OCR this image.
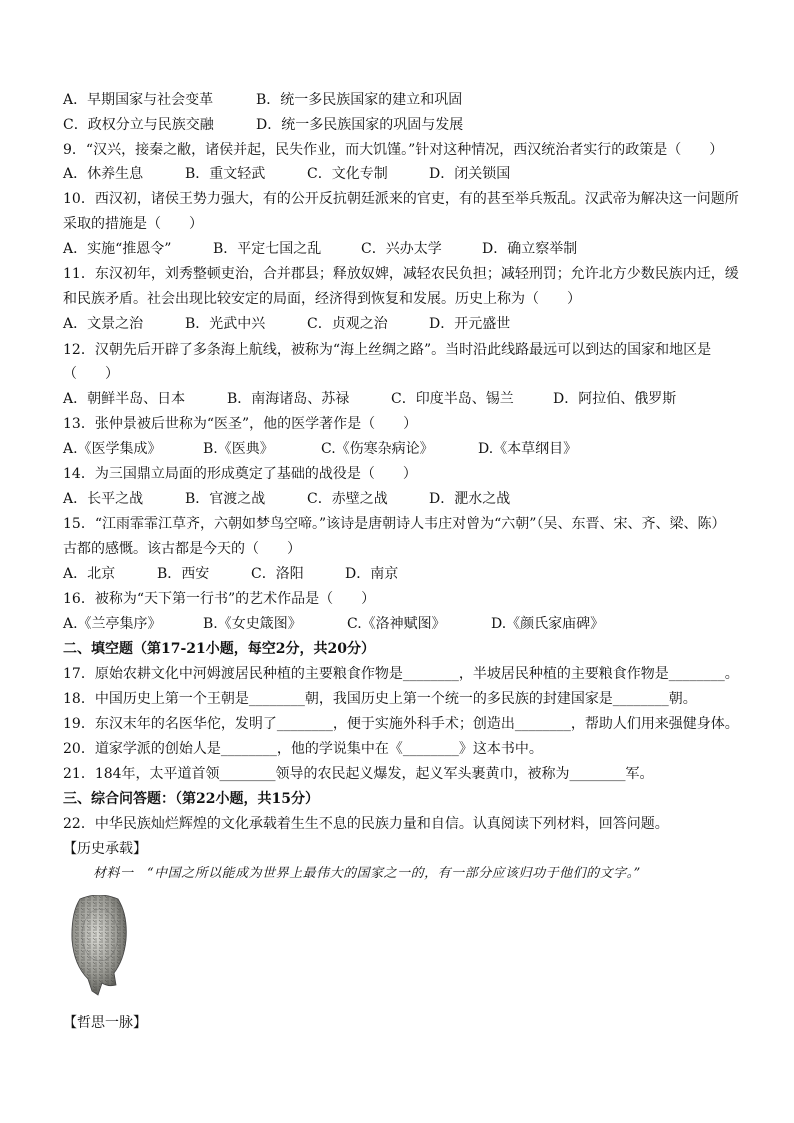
A．早期国家与社会变革	B．统一多民族国家的建立和巩固
C．政权分立与民族交融	D．统一多民族国家的巩固与发展
9．“汉兴，接秦之敝，诸侯并起，民失作业，而大饥馑。”针对这种情况，西汉统治者实行的政策是（　　）
A．休养生息	B．重文轻武	C．文化专制	D．闭关锁国
10．西汉初，诸侯王势力强大，有的公开反抗朝廷派来的官吏，有的甚至举兵叛乱。汉武帝为解决这一问题所
采取的措施是（　　）
A．实施“推恩令”	B．平定七国之乱	C．兴办太学	D．确立察举制
11．东汉初年，刘秀整顿吏治，合并郡县；释放奴婢，减轻农民负担；减轻刑罚；允许北方少数民族内迁，缓
和民族矛盾。社会出现比较安定的局面，经济得到恢复和发展。历史上称为（　　）
A．文景之治	B．光武中兴	C．贞观之治	D．开元盛世
12．汉朝先后开辟了多条海上航线，被称为“海上丝绸之路”。当时沿此线路最远可以到达的国家和地区是
（　　）
A．朝鲜半岛、日本	B．南海诸岛、苏禄	C．印度半岛、锡兰	D．阿拉伯、俄罗斯
13．张仲景被后世称为“医圣”，他的医学著作是（　　）
A.《医学集成》	B.《医典》	C.《伤寒杂病论》	D.《本草纲目》
14．为三国鼎立局面的形成奠定了基础的战役是（　　）
A．长平之战	B．官渡之战	C．赤壁之战	D．淝水之战
15．“江雨霏霏江草齐，六朝如梦鸟空啼。”该诗是唐朝诗人韦庄对曾为“六朝”（吴、东晋、宋、齐、梁、陈）
古都的感慨。该古都是今天的（　　）
A．北京	B．西安	C．洛阳	D．南京
16．被称为“天下第一行书”的艺术作品是（　　）
A.《兰亭集序》	B.《女史箴图》	C.《洛神赋图》	D.《颜氏家庙碑》
二、填空题（第17-21小题，每空2分，共20分）
17．原始农耕文化中河姆渡居民种植的主要粮食作物是________，半坡居民种植的主要粮食作物是________。
18．中国历史上第一个王朝是________朝，我国历史上第一个统一的多民族的封建国家是________朝。
19．东汉末年的名医华佗，发明了________，便于实施外科手术；创造出________，帮助人们用来强健身体。
20．道家学派的创始人是________，他的学说集中在《________》这本书中。
21．184年，太平道首领________领导的农民起义爆发，起义军头裹黄巾，被称为________军。
三、综合问答题：（第22小题，共15分）
22．中华民族灿烂辉煌的文化承载着生生不息的民族力量和自信。认真阅读下列材料，回答问题。
【历史承载】
材料一　“中国之所以能成为世界上最伟大的国家之一的，有一部分应该归功于他们的文字。”
【哲思一脉】
